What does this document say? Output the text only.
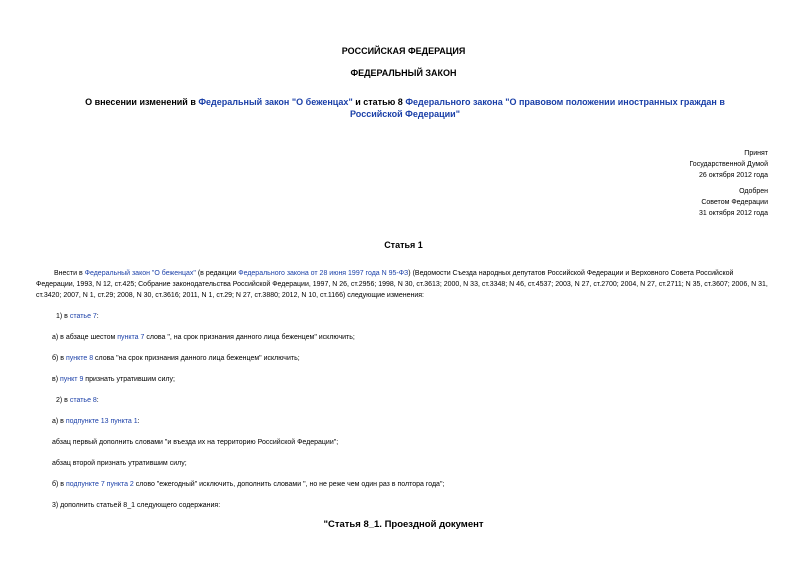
РОССИЙСКАЯ ФЕДЕРАЦИЯ
ФЕДЕРАЛЬНЫЙ ЗАКОН
О внесении изменений в Федеральный закон "О беженцах" и статью 8 Федерального закона "О правовом положении иностранных граждан в Российской Федерации"
Принят
Государственной Думой
26 октября 2012 года
Одобрен
Советом Федерации
31 октября 2012 года
Статья 1
Внести в Федеральный закон "О беженцах" (в редакции Федерального закона от 28 июня 1997 года N 95-ФЗ) (Ведомости Съезда народных депутатов Российской Федерации и Верховного Совета Российской Федерации, 1993, N 12, ст.425; Собрание законодательства Российской Федерации, 1997, N 26, ст.2956; 1998, N 30, ст.3613; 2000, N 33, ст.3348; N 46, ст.4537; 2003, N 27, ст.2700; 2004, N 27, ст.2711; N 35, ст.3607; 2006, N 31, ст.3420; 2007, N 1, ст.29; 2008, N 30, ст.3616; 2011, N 1, ст.29; N 27, ст.3880; 2012, N 10, ст.1166) следующие изменения:
1) в статье 7:
а) в абзаце шестом пункта 7 слова ", на срок признания данного лица беженцем" исключить;
б) в пункте 8 слова "на срок признания данного лица беженцем" исключить;
в) пункт 9 признать утратившим силу;
2) в статье 8:
а) в подпункте 13 пункта 1:
абзац первый дополнить словами "и въезда их на территорию Российской Федерации";
абзац второй признать утратившим силу;
б) в подпункте 7 пункта 2 слово "ежегодный" исключить, дополнить словами ", но не реже чем один раз в полтора года";
3) дополнить статьей 8_1 следующего содержания:
"Статья 8_1. Проездной документ
